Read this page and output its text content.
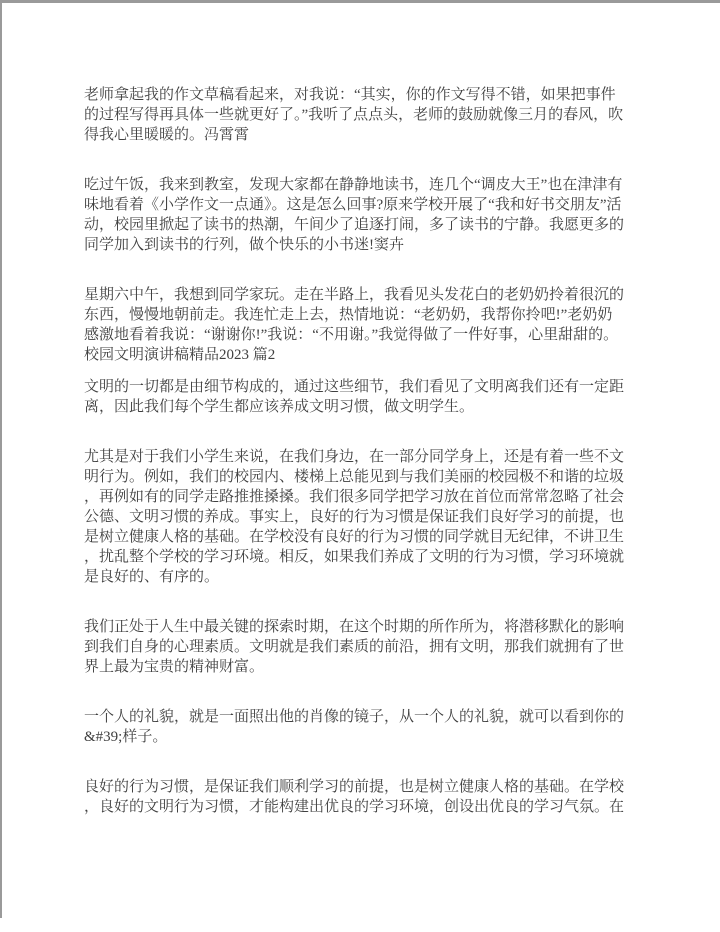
老师拿起我的作文草稿看起来，对我说：“其实，你的作文写得不错，如果把事件的过程写得再具体一些就更好了。”我听了点点头，老师的鼓励就像三月的春风，吹得我心里暖暖的。冯霄霄

吃过午饭，我来到教室，发现大家都在静静地读书，连几个“调皮大王”也在津津有味地看着《小学作文一点通》。这是怎么回事?原来学校开展了“我和好书交朋友”活动，校园里掀起了读书的热潮，午间少了追逐打闹，多了读书的宁静。我愿更多的同学加入到读书的行列，做个快乐的小书迷!窦卉

星期六中午，我想到同学家玩。走在半路上，我看见头发花白的老奶奶拎着很沉的东西，慢慢地朝前走。我连忙走上去，热情地说：“老奶奶，我帮你拎吧!”老奶奶感激地看着我说：“谢谢你!”我说：“不用谢。”我觉得做了一件好事，心里甜甜的。

校园文明演讲稿精品2023 篇2

文明的一切都是由细节构成的，通过这些细节，我们看见了文明离我们还有一定距离，因此我们每个学生都应该养成文明习惯，做文明学生。

尤其是对于我们小学生来说，在我们身边，在一部分同学身上，还是有着一些不文明行为。例如，我们的校园内、楼梯上总能见到与我们美丽的校园极不和谐的垃圾，再例如有的同学走路推推搡搡。我们很多同学把学习放在首位而常常忽略了社会公德、文明习惯的养成。事实上，良好的行为习惯是保证我们良好学习的前提，也是树立健康人格的基础。在学校没有良好的行为习惯的同学就目无纪律，不讲卫生，扰乱整个学校的学习环境。相反，如果我们养成了文明的行为习惯，学习环境就是良好的、有序的。

我们正处于人生中最关键的探索时期，在这个时期的所作所为，将潜移默化的影响到我们自身的心理素质。文明就是我们素质的前沿，拥有文明，那我们就拥有了世界上最为宝贵的精神财富。

一个人的礼貌，就是一面照出他的肖像的镜子，从一个人的礼貌，就可以看到你的&#39;样子。

良好的行为习惯，是保证我们顺利学习的前提，也是树立健康人格的基础。在学校，良好的文明行为习惯，才能构建出优良的学习环境，创设出优良的学习气氛。在
